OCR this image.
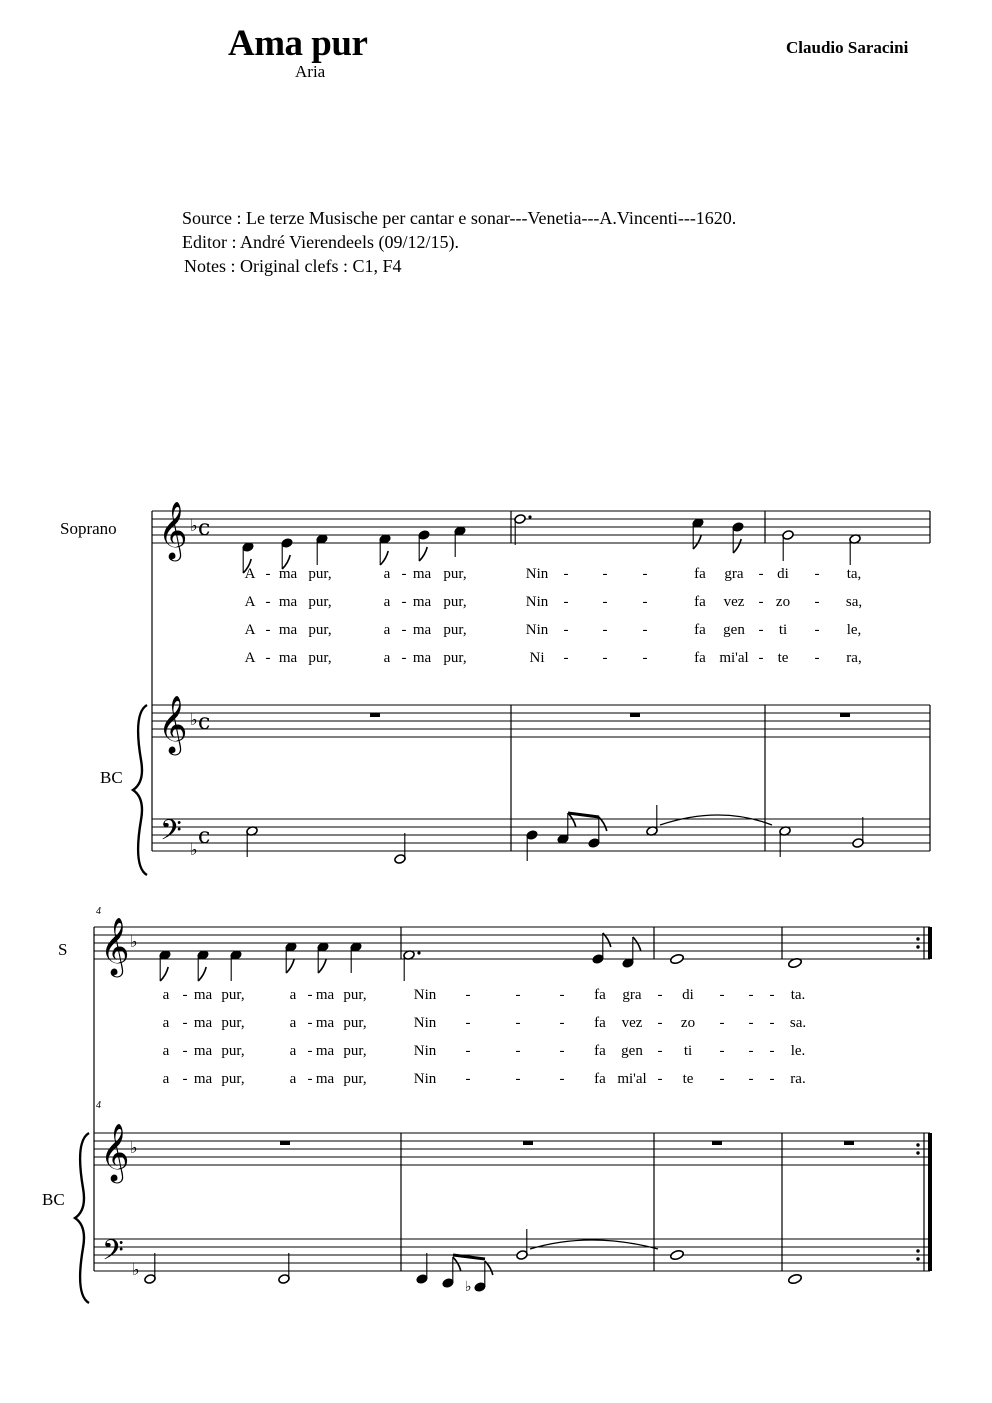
Ama pur
Aria
Claudio Saracini
Source : Le terze Musische per cantar e sonar---Venetia---A.Vincenti---1620.
Editor : André Vierendeels (09/12/15).
Notes : Original clefs : C1, F4
Soprano
BC
𝄞 ♭ c
𝄞 ♭ c
𝄢 ♭
c
A - ma pur,	a - ma pur,	Nin - - -	fa gra - di - ta,
A - ma pur,	a - ma pur,	Nin - - -	fa vez - zo - sa,
A - ma pur,	a - ma pur,	Nin - - -	fa gen - ti - le,
A - ma pur,	a - ma pur,	Ni - - -	fa mi'al - te - ra,
4
4
S
BC
𝄞 ♭
𝄞 ♭
𝄢 ♭
♭
a - ma pur,	a - ma pur,	Nin -	-	- fa gra - di - - - ta.
a - ma pur,	a - ma pur,	Nin -	-	- fa vez - zo - - - sa.
a - ma pur,	a - ma pur,	Nin -	-	- fa gen - ti - - - le.
a - ma pur,	a - ma pur,	Nin -	-	- fa mi'al - te - - - ra.
